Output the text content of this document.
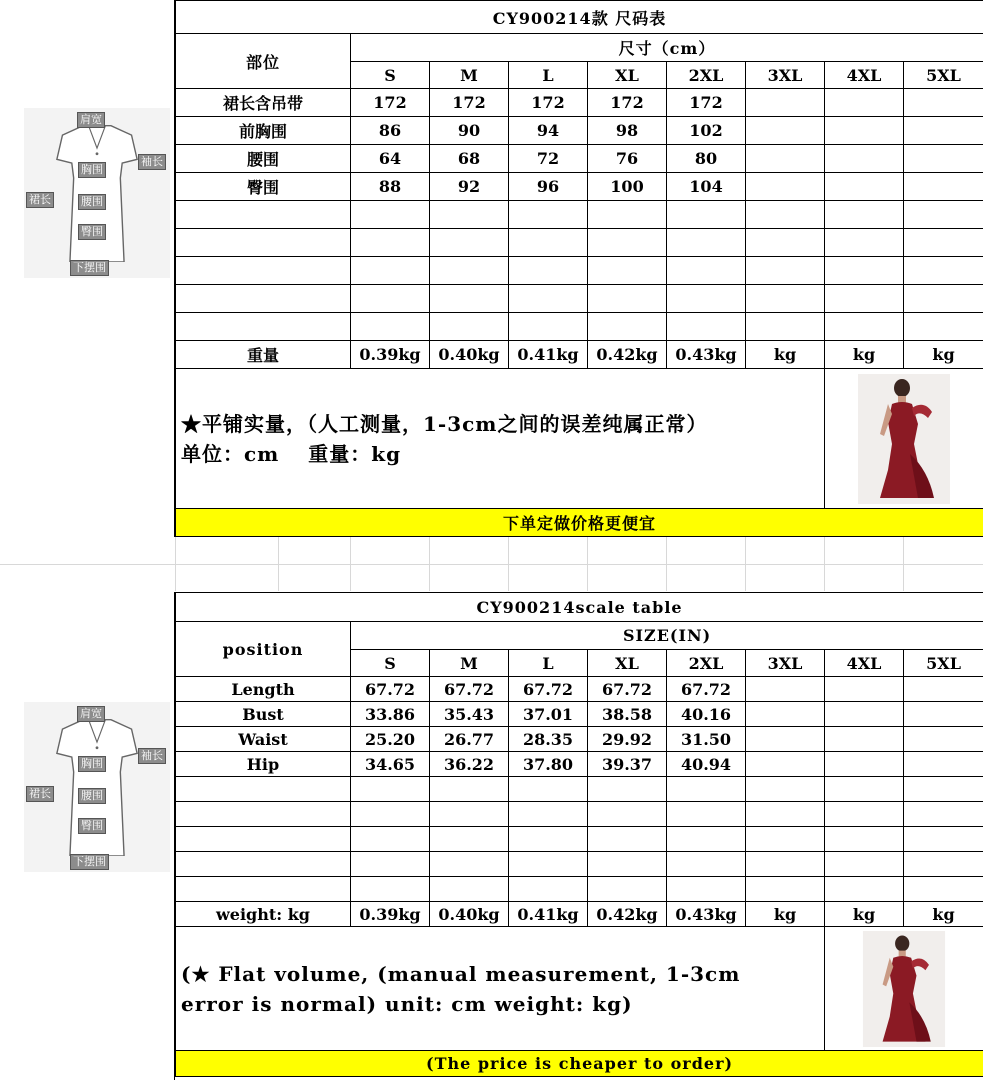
肩宽
袖长
胸围
裙长	腰围
臀围
下摆围
CY900214款 尺码表								
部位	尺寸（cm）							
	S	M	L	XL	2XL	3XL	4XL	5XL
裙长含吊带	172	172	172	172	172			
前胸围	86	90	94	98	102			
腰围	64	68	72	76	80			
臀围	88	92	96	100	104			

重量	0.39kg	0.40kg	0.41kg	0.42kg	0.43kg	kg	kg	kg

★平铺实量，（人工测量，1-3cm之间的误差纯属正常）
单位：cm　 重量：kg

下单定做价格更便宜								
肩宽
袖长
胸围
裙长	腰围
臀围
下摆围
CY900214scale table								
position	SIZE(IN)							
	S	M	L	XL	2XL	3XL	4XL	5XL
Length	67.72	67.72	67.72	67.72	67.72			
Bust	33.86	35.43	37.01	38.58	40.16			
Waist	25.20	26.77	28.35	29.92	31.50			
Hip	34.65	36.22	37.80	39.37	40.94			

weight: kg	0.39kg	0.40kg	0.41kg	0.42kg	0.43kg	kg	kg	kg

(★ Flat volume, (manual measurement, 1-3cm
error is normal) unit: cm weight: kg)

(The price is cheaper to order)								
